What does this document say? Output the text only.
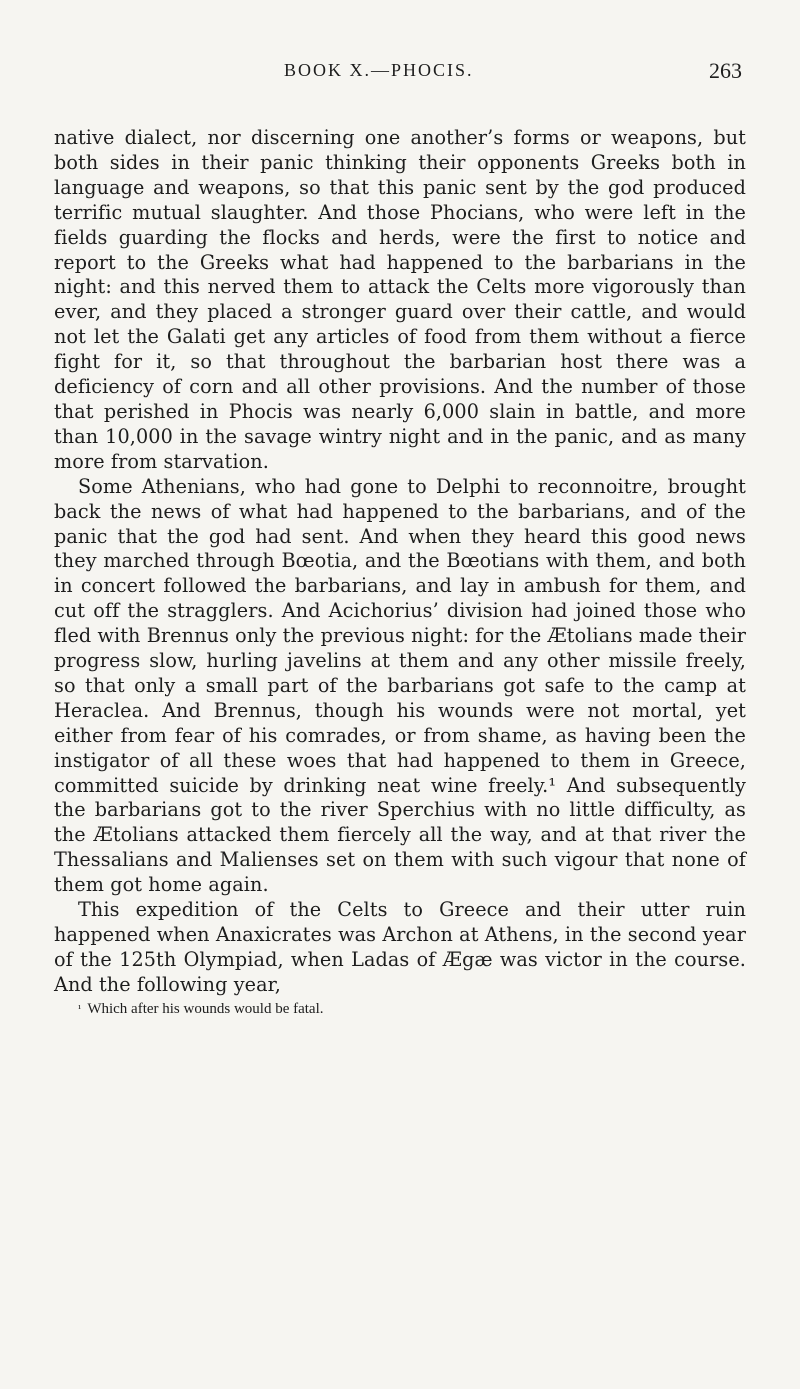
BOOK X.—PHOCIS.	263

native dialect, nor discerning one another’s forms or weapons, but both sides in their panic thinking their opponents Greeks both in language and weapons, so that this panic sent by the god produced terrific mutual slaughter. And those Phocians, who were left in the fields guarding the flocks and herds, were the first to notice and report to the Greeks what had happened to the barbarians in the night: and this nerved them to attack the Celts more vigorously than ever, and they placed a stronger guard over their cattle, and would not let the Galati get any articles of food from them without a fierce fight for it, so that throughout the barbarian host there was a deficiency of corn and all other provisions. And the number of those that perished in Phocis was nearly 6,000 slain in battle, and more than 10,000 in the savage wintry night and in the panic, and as many more from starvation.

Some Athenians, who had gone to Delphi to reconnoitre, brought back the news of what had happened to the barbarians, and of the panic that the god had sent. And when they heard this good news they marched through Bœotia, and the Bœotians with them, and both in concert followed the barbarians, and lay in ambush for them, and cut off the stragglers. And Acichorius’ division had joined those who fled with Brennus only the previous night: for the Ætolians made their progress slow, hurling javelins at them and any other missile freely, so that only a small part of the barbarians got safe to the camp at Heraclea. And Brennus, though his wounds were not mortal, yet either from fear of his comrades, or from shame, as having been the instigator of all these woes that had happened to them in Greece, committed suicide by drinking neat wine freely.¹ And subsequently the barbarians got to the river Sperchius with no little difficulty, as the Ætolians attacked them fiercely all the way, and at that river the Thessalians and Malienses set on them with such vigour that none of them got home again.

This expedition of the Celts to Greece and their utter ruin happened when Anaxicrates was Archon at Athens, in the second year of the 125th Olympiad, when Ladas of Ægæ was victor in the course. And the following year,

$^{^1}$ Which after his wounds would be fatal.
